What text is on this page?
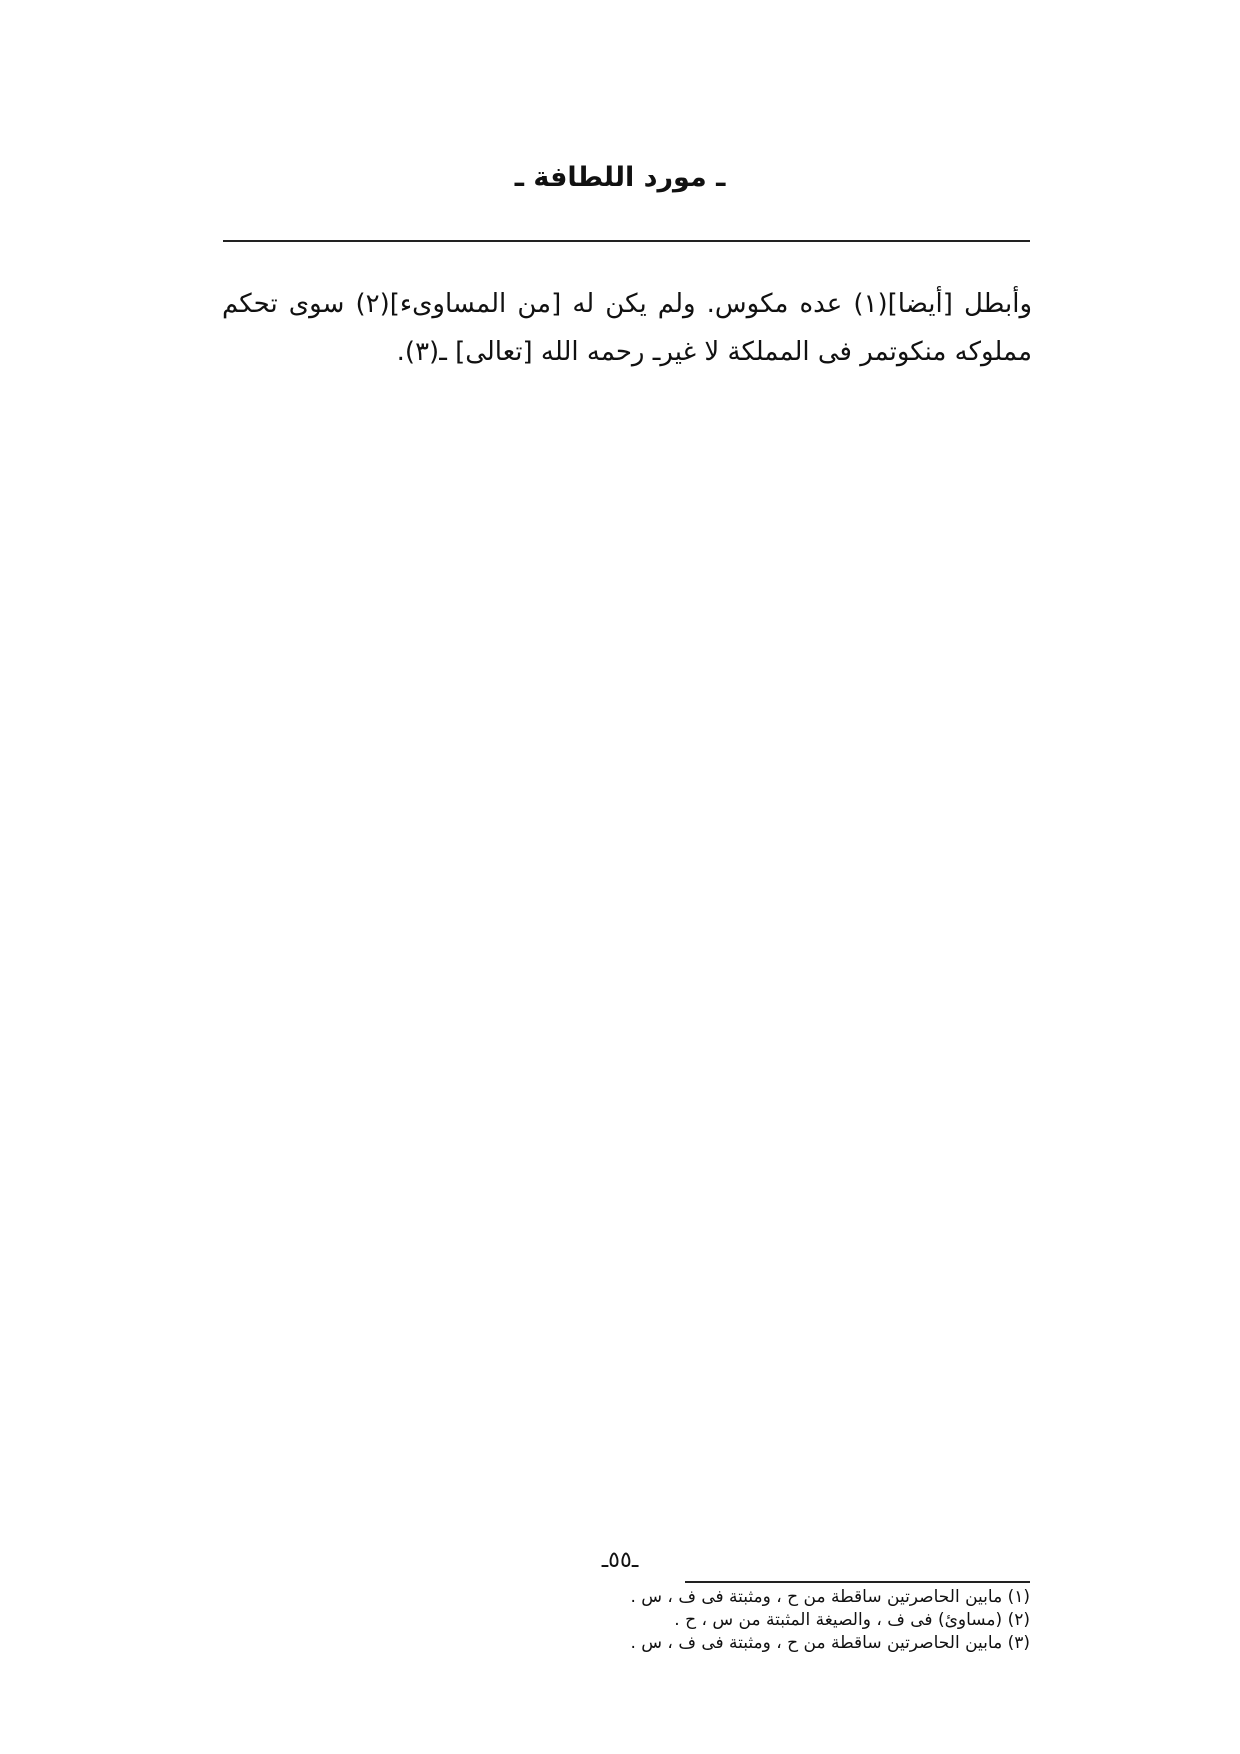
ـ مورد اللطافة ـ

وأبطل [أيضا](١) عده مكوس. ولم يكن له [من المساوىء](٢) سوى تحكم مملوكه منكوتمر فى المملكة لا غيرـ رحمه الله [تعالى] ـ(٣).

(١) مابين الحاصرتين ساقطة من ح ، ومثبتة فى ف ، س .
(٢) (مساوئ) فى ف ، والصيغة المثبتة من س ، ح .
(٣) مابين الحاصرتين ساقطة من ح ، ومثبتة فى ف ، س .
ـ٥٥ـ
